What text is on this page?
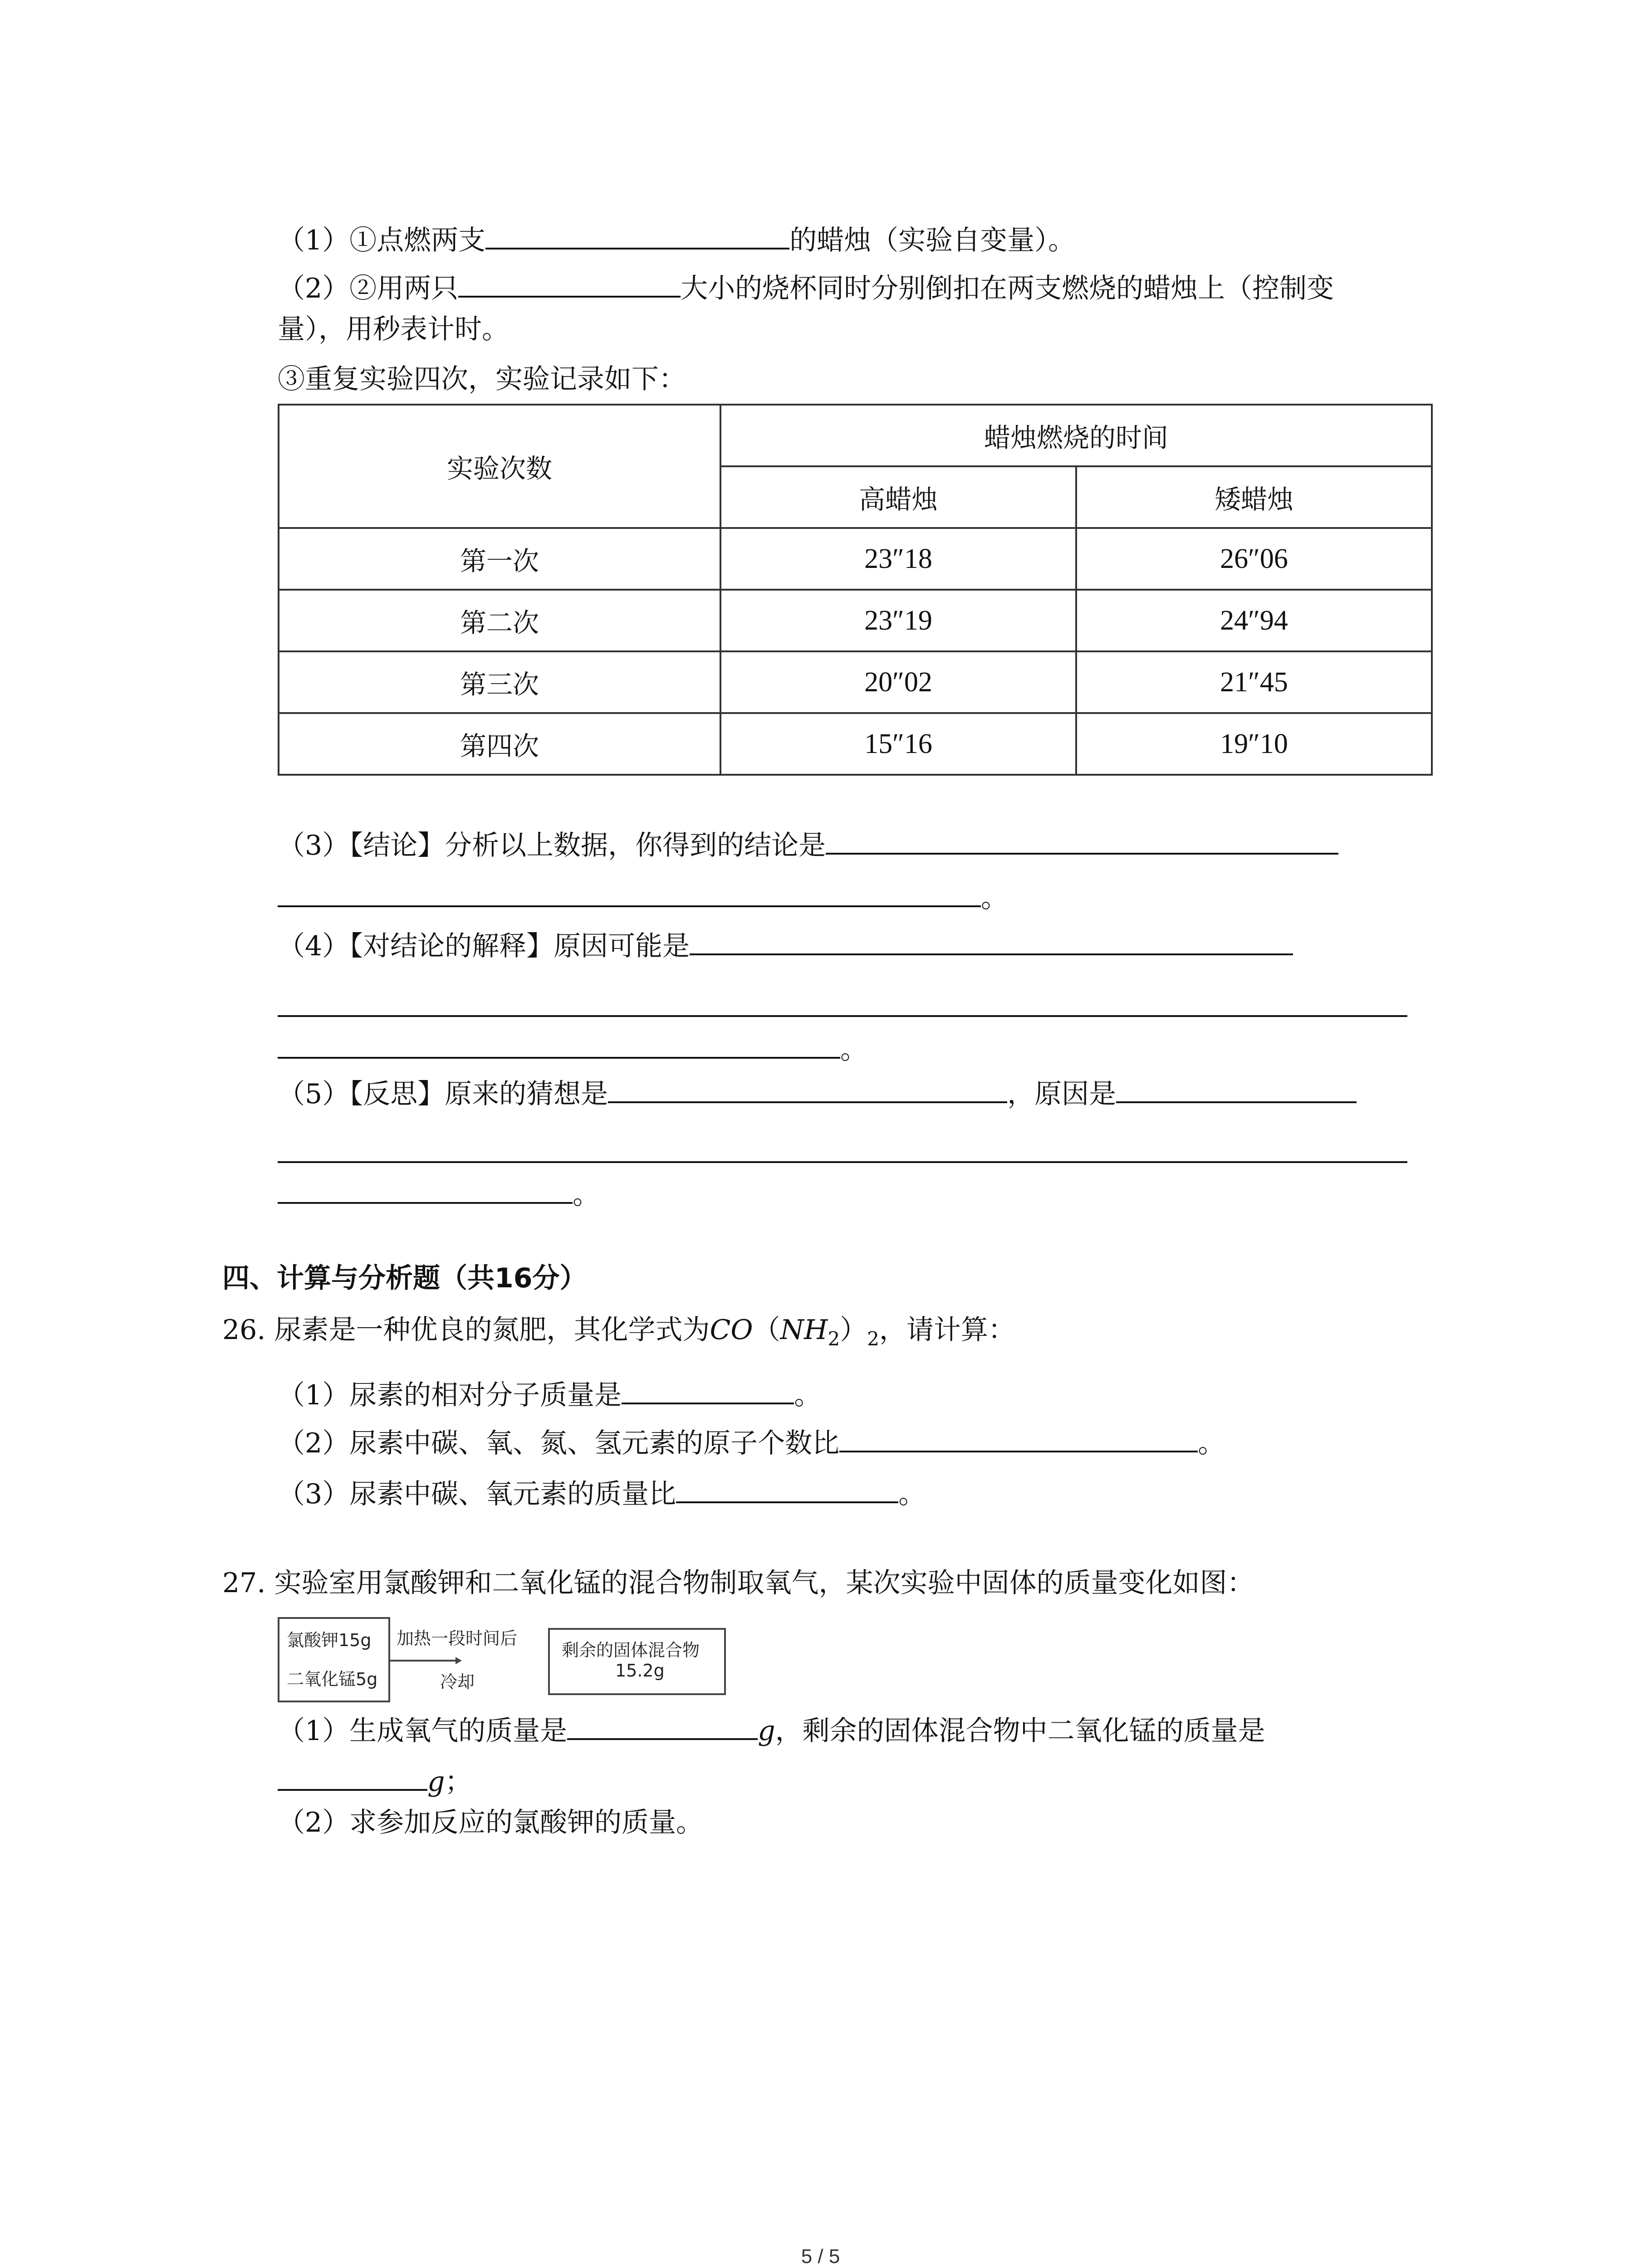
（1）①点燃两支	的蜡烛（实验自变量）。
（2）②用两只	大小的烧杯同时分别倒扣在两支燃烧的蜡烛上（控制变
量），用秒表计时。
③重复实验四次，实验记录如下：
实验次数	蜡烛燃烧的时间	
	高蜡烛	矮蜡烛
第一次	23″18	26″06
第二次	23″19	24″94
第三次	20″02	21″45
第四次	15″16	19″10
（3）【结论】分析以上数据，你得到的结论是
。
（4）【对结论的解释】原因可能是
。
（5）【反思】原来的猜想是	，原因是
。
四、计算与分析题（共16分）
26. 尿素是一种优良的氮肥，其化学式为$CO(NH_2)_2$，请计算：
（1）尿素的相对分子质量是	。
（2）尿素中碳、氧、氮、氢元素的原子个数比	。
（3）尿素中碳、氧元素的质量比	。
27. 实验室用氯酸钾和二氧化锰的混合物制取氧气，某次实验中固体的质量变化如图：
氯酸钾15g
二氧化锰5g
加热一段时间后
冷却
剩余的固体混合物
15.2g
（1）生成氧气的质量是	g，剩余的固体混合物中二氧化锰的质量是
g；
（2）求参加反应的氯酸钾的质量。
5 / 5
